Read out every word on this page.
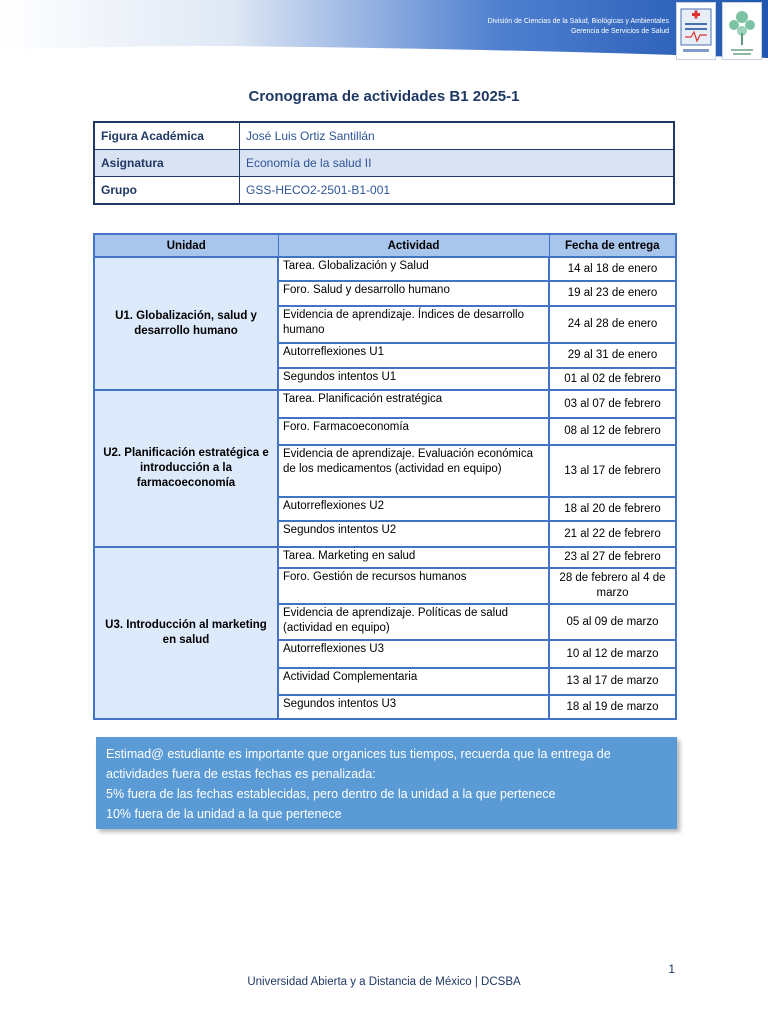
División de Ciencias de la Salud, Biológicas y Ambientales
Gerencia de Servicios de Salud
Cronograma de actividades B1 2025-1
Figura Académica	José Luis Ortiz Santillán
Asignatura	Economía de la salud II
Grupo	GSS-HECO2-2501-B1-001
Unidad	Actividad	Fecha de entrega
U1. Globalización, salud y desarrollo humano	Tarea. Globalización y Salud	14 al 18 de enero
	Foro. Salud y desarrollo humano	19 al 23 de enero
	Evidencia de aprendizaje. Índices de desarrollo humano	24 al 28 de enero
	Autorreflexiones U1	29 al 31 de enero
	Segundos intentos U1	01 al 02 de febrero
U2. Planificación estratégica e introducción a la farmacoeconomía	Tarea. Planificación estratégica	03 al 07 de febrero
	Foro. Farmacoeconomía	08 al 12 de febrero
	Evidencia de aprendizaje. Evaluación económica de los medicamentos (actividad en equipo)	13 al 17 de febrero
	Autorreflexiones U2	18 al 20 de febrero
	Segundos intentos U2	21 al 22 de febrero
U3. Introducción al marketing en salud	Tarea. Marketing en salud	23 al 27 de febrero
	Foro. Gestión de recursos humanos	28 de febrero al 4 de marzo
	Evidencia de aprendizaje. Políticas de salud (actividad en equipo)	05 al 09 de marzo
	Autorreflexiones U3	10 al 12 de marzo
	Actividad Complementaria	13 al 17 de marzo
	Segundos intentos U3	18 al 19 de marzo

Estimad@ estudiante es importante que organices tus tiempos, recuerda que la entrega de actividades fuera de estas fechas es penalizada:

5% fuera de las fechas establecidas, pero dentro de la unidad a la que pertenece

10% fuera de la unidad a la que pertenece

1
Universidad Abierta y a Distancia de México | DCSBA
